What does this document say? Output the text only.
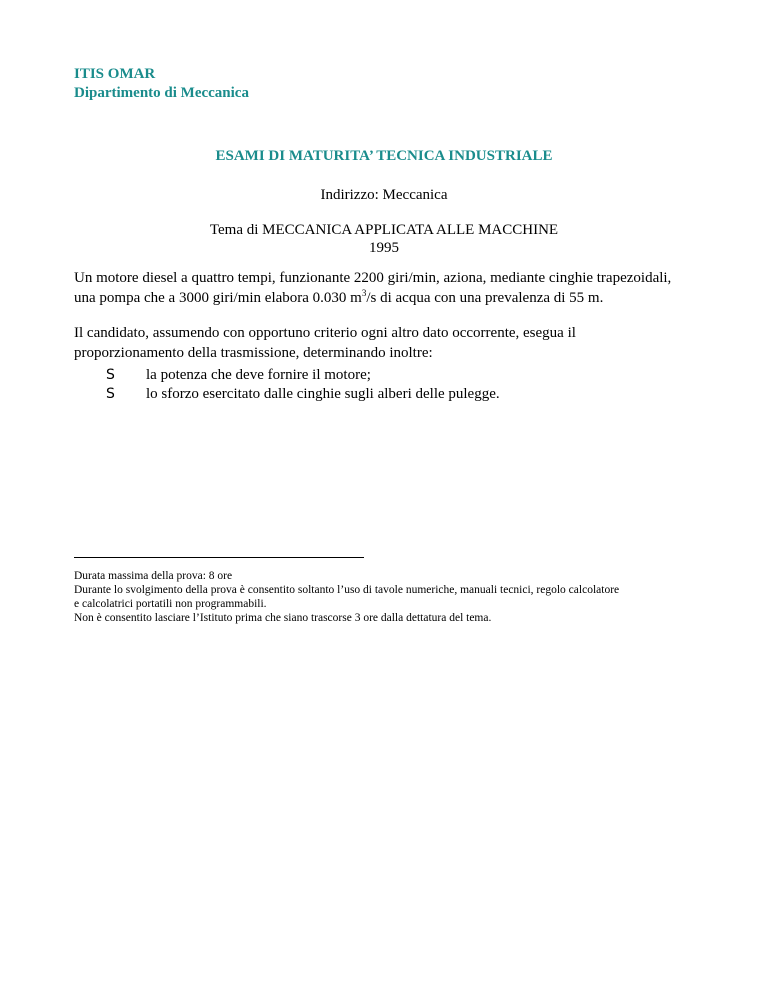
ITIS OMAR
Dipartimento di Meccanica
ESAMI DI MATURITA’ TECNICA INDUSTRIALE
Indirizzo: Meccanica
Tema di MECCANICA APPLICATA ALLE MACCHINE
1995
Un motore diesel a quattro tempi, funzionante 2200 giri/min, aziona, mediante cinghie trapezoidali,
una pompa che a 3000 giri/min elabora 0.030 $m^3/s$ di acqua con una prevalenza di 55 m.
Il candidato, assumendo con opportuno criterio ogni altro dato occorrente, esegua il
proporzionamento della trasmissione, determinando inoltre:
S	la potenza che deve fornire il motore;
S	lo sforzo esercitato dalle cinghie sugli alberi delle pulegge.
Durata massima della prova: 8 ore
Durante lo svolgimento della prova è consentito soltanto l’uso di tavole numeriche, manuali tecnici, regolo calcolatore
e calcolatrici portatili non programmabili.
Non è consentito lasciare l’Istituto prima che siano trascorse 3 ore dalla dettatura del tema.
